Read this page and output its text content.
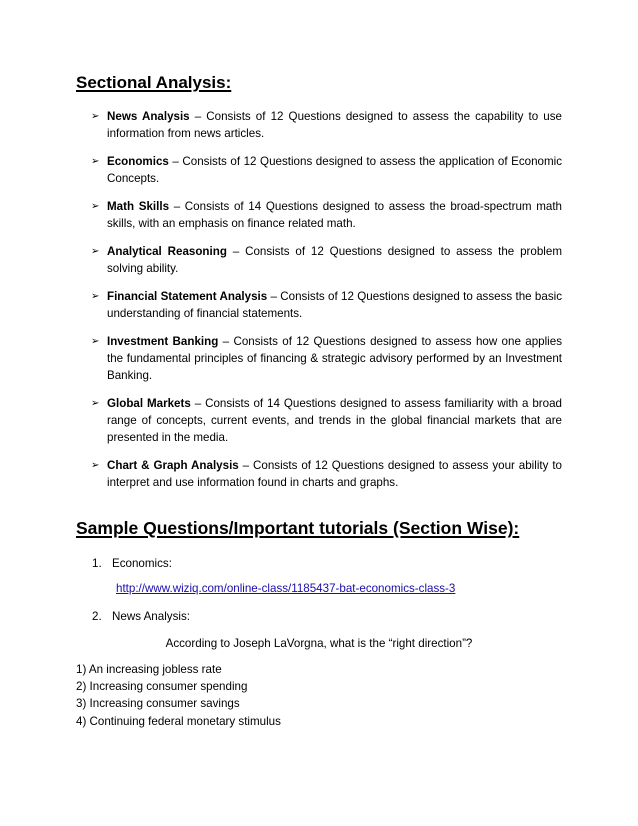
Sectional Analysis:
➢ News Analysis – Consists of 12 Questions designed to assess the capability to use information from news articles.
➢ Economics – Consists of 12 Questions designed to assess the application of Economic Concepts.
➢ Math Skills – Consists of 14 Questions designed to assess the broad-spectrum math skills, with an emphasis on finance related math.
➢ Analytical Reasoning – Consists of 12 Questions designed to assess the problem solving ability.
➢ Financial Statement Analysis – Consists of 12 Questions designed to assess the basic understanding of financial statements.
➢ Investment Banking – Consists of 12 Questions designed to assess how one applies the fundamental principles of financing & strategic advisory performed by an Investment Banking.
➢ Global Markets – Consists of 14 Questions designed to assess familiarity with a broad range of concepts, current events, and trends in the global financial markets that are presented in the media.
➢ Chart & Graph Analysis – Consists of 12 Questions designed to assess your ability to interpret and use information found in charts and graphs.
Sample Questions/Important tutorials (Section Wise):
1. Economics:
http://www.wiziq.com/online-class/1185437-bat-economics-class-3
2. News Analysis:
According to Joseph LaVorgna, what is the “right direction”?
1) An increasing jobless rate
2) Increasing consumer spending
3) Increasing consumer savings
4) Continuing federal monetary stimulus
